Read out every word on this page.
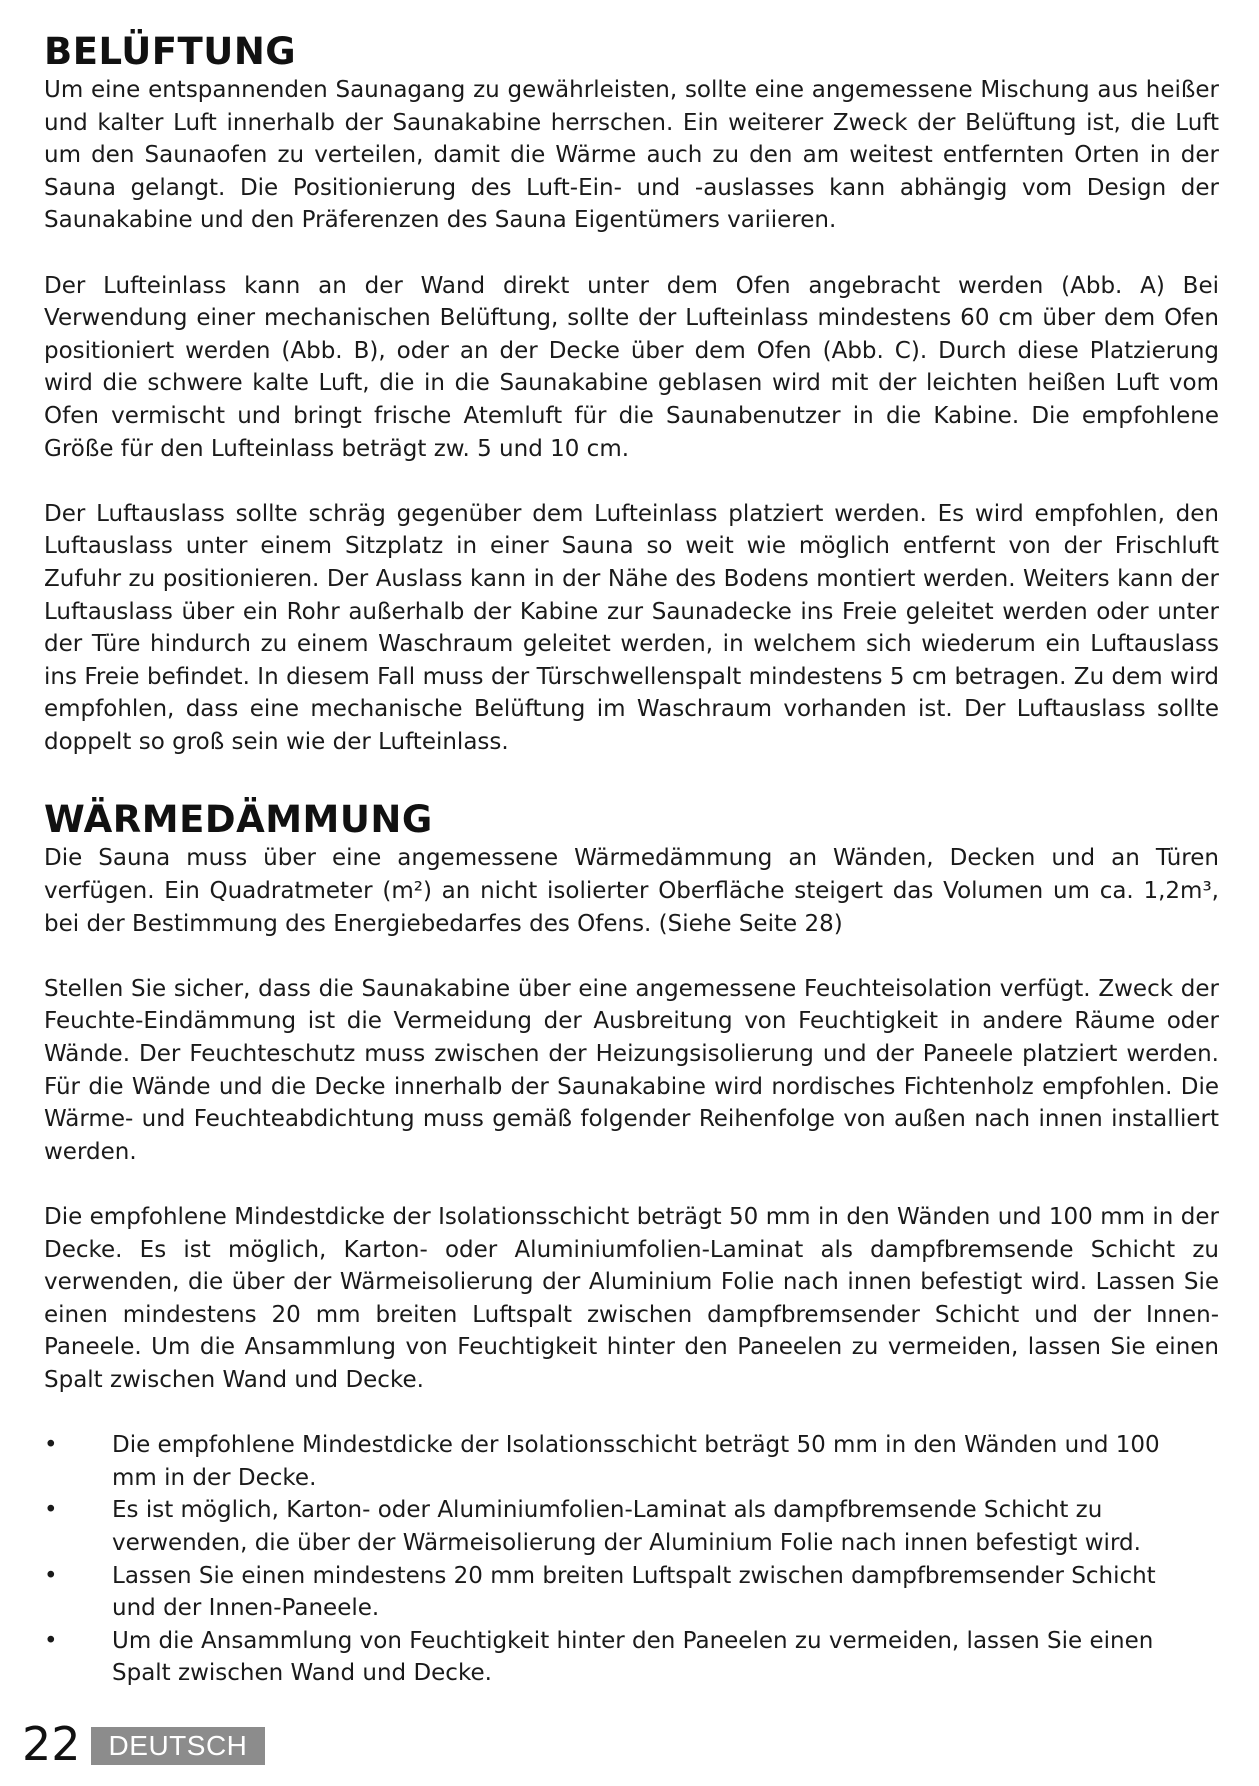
BELÜFTUNG

Um eine entspannenden Saunagang zu gewährleisten, sollte eine angemessene Mischung aus heißer und kalter Luft innerhalb der Saunakabine herrschen. Ein weiterer Zweck der Belüftung ist, die Luft um den Saunaofen zu verteilen, damit die Wärme auch zu den am weitest entfernten Orten in der Sauna gelangt. Die Positionierung des Luft-Ein- und -auslasses kann abhängig vom Design der Saunakabine und den Präferenzen des Sauna Eigentümers variieren.

Der Lufteinlass kann an der Wand direkt unter dem Ofen angebracht werden (Abb. A) Bei Verwendung einer mechanischen Belüftung, sollte der Lufteinlass mindestens 60 cm über dem Ofen positioniert werden (Abb. B), oder an der Decke über dem Ofen (Abb. C). Durch diese Platzierung wird die schwere kalte Luft, die in die Saunakabine geblasen wird mit der leichten heißen Luft vom Ofen vermischt und bringt frische Atemluft für die Saunabenutzer in die Kabine. Die empfohlene Größe für den Lufteinlass beträgt zw. 5 und 10 cm.

Der Luftauslass sollte schräg gegenüber dem Lufteinlass platziert werden. Es wird empfohlen, den Luftauslass unter einem Sitzplatz in einer Sauna so weit wie möglich entfernt von der Frischluft Zufuhr zu positionieren. Der Auslass kann in der Nähe des Bodens montiert werden. Weiters kann der Luftauslass über ein Rohr außerhalb der Kabine zur Saunadecke ins Freie geleitet werden oder unter der Türe hindurch zu einem Waschraum geleitet werden, in welchem sich wiederum ein Luftauslass ins Freie befindet. In diesem Fall muss der Türschwellenspalt mindestens 5 cm betragen. Zu dem wird empfohlen, dass eine mechanische Belüftung im Waschraum vorhanden ist. Der Luftauslass sollte doppelt so groß sein wie der Lufteinlass.

WÄRMEDÄMMUNG

Die Sauna muss über eine angemessene Wärmedämmung an Wänden, Decken und an Türen verfügen. Ein Quadratmeter (m²) an nicht isolierter Oberfläche steigert das Volumen um ca. 1,2m³, bei der Bestimmung des Energiebedarfes des Ofens. (Siehe Seite 28)

Stellen Sie sicher, dass die Saunakabine über eine angemessene Feuchteisolation verfügt. Zweck der Feuchte-Eindämmung ist die Vermeidung der Ausbreitung von Feuchtigkeit in andere Räume oder Wände. Der Feuchteschutz muss zwischen der Heizungsisolierung und der Paneele platziert werden. Für die Wände und die Decke innerhalb der Saunakabine wird nordisches Fichtenholz empfohlen. Die Wärme- und Feuchteabdichtung muss gemäß folgender Reihenfolge von außen nach innen installiert werden.

Die empfohlene Mindestdicke der Isolationsschicht beträgt 50 mm in den Wänden und 100 mm in der Decke. Es ist möglich, Karton- oder Aluminiumfolien-Laminat als dampfbremsende Schicht zu verwenden, die über der Wärmeisolierung der Aluminium Folie nach innen befestigt wird. Lassen Sie einen mindestens 20 mm breiten Luftspalt zwischen dampfbremsender Schicht und der Innen-Paneele. Um die Ansammlung von Feuchtigkeit hinter den Paneelen zu vermeiden, lassen Sie einen Spalt zwischen Wand und Decke.

• Die empfohlene Mindestdicke der Isolationsschicht beträgt 50 mm in den Wänden und 100 mm in der Decke.
• Es ist möglich, Karton- oder Aluminiumfolien-Laminat als dampfbremsende Schicht zu verwenden, die über der Wärmeisolierung der Aluminium Folie nach innen befestigt wird.
• Lassen Sie einen mindestens 20 mm breiten Luftspalt zwischen dampfbremsender Schicht und der Innen-Paneele.
• Um die Ansammlung von Feuchtigkeit hinter den Paneelen zu vermeiden, lassen Sie einen Spalt zwischen Wand und Decke.
22	DEUTSCH
